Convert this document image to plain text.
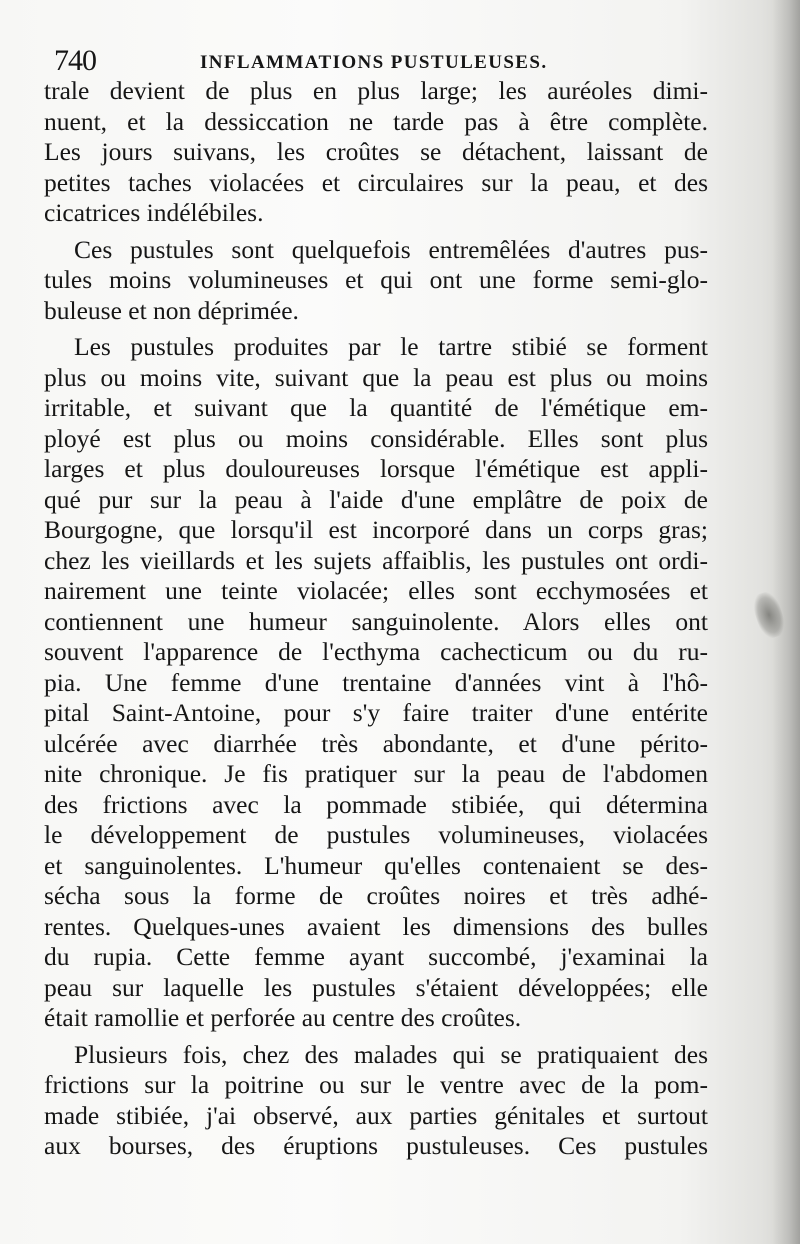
740	INFLAMMATIONS PUSTULEUSES.
trale devient de plus en plus large; les auréoles dimi-
nuent, et la dessiccation ne tarde pas à être complète.
Les jours suivans, les croûtes se détachent, laissant de
petites taches violacées et circulaires sur la peau, et des
cicatrices indélébiles.
Ces pustules sont quelquefois entremêlées d'autres pus-
tules moins volumineuses et qui ont une forme semi-glo-
buleuse et non déprimée.
Les pustules produites par le tartre stibié se forment
plus ou moins vite, suivant que la peau est plus ou moins
irritable, et suivant que la quantité de l'émétique em-
ployé est plus ou moins considérable. Elles sont plus
larges et plus douloureuses lorsque l'émétique est appli-
qué pur sur la peau à l'aide d'une emplâtre de poix de
Bourgogne, que lorsqu'il est incorporé dans un corps gras;
chez les vieillards et les sujets affaiblis, les pustules ont ordi-
nairement une teinte violacée; elles sont ecchymosées et
contiennent une humeur sanguinolente. Alors elles ont
souvent l'apparence de l'ecthyma cachecticum ou du ru-
pia. Une femme d'une trentaine d'années vint à l'hô-
pital Saint-Antoine, pour s'y faire traiter d'une entérite
ulcérée avec diarrhée très abondante, et d'une périto-
nite chronique. Je fis pratiquer sur la peau de l'abdomen
des frictions avec la pommade stibiée, qui détermina
le développement de pustules volumineuses, violacées
et sanguinolentes. L'humeur qu'elles contenaient se des-
sécha sous la forme de croûtes noires et très adhé-
rentes. Quelques-unes avaient les dimensions des bulles
du rupia. Cette femme ayant succombé, j'examinai la
peau sur laquelle les pustules s'étaient développées; elle
était ramollie et perforée au centre des croûtes.
Plusieurs fois, chez des malades qui se pratiquaient des
frictions sur la poitrine ou sur le ventre avec de la pom-
made stibiée, j'ai observé, aux parties génitales et surtout
aux bourses, des éruptions pustuleuses. Ces pustules
